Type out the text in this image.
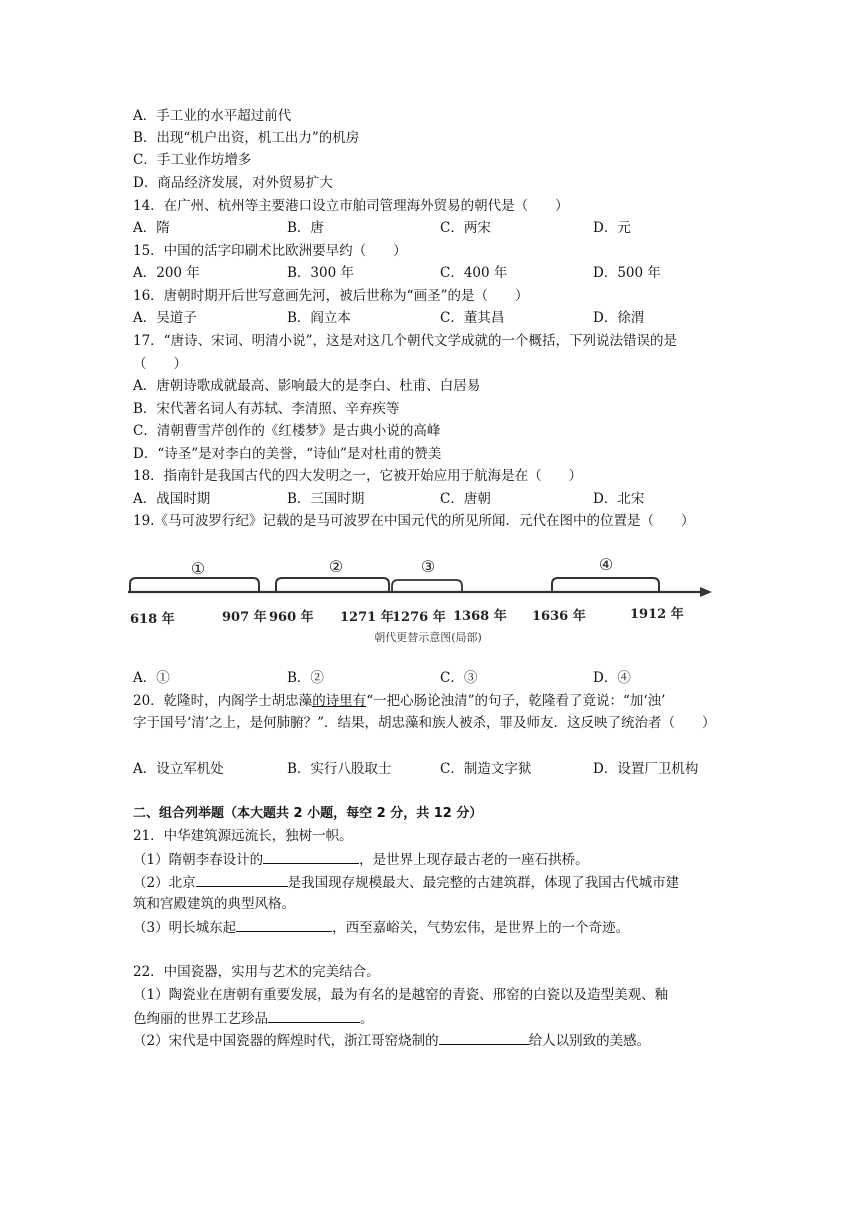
A．手工业的水平超过前代
B．出现“机户出资，机工出力”的机房
C．手工业作坊增多
D．商品经济发展，对外贸易扩大
14．在广州、杭州等主要港口设立市舶司管理海外贸易的朝代是（　　）
A．隋	B．唐	C．两宋	D．元
15．中国的活字印刷术比欧洲要早约（　　）
A．200 年	B．300 年	C．400 年	D．500 年
16．唐朝时期开后世写意画先河，被后世称为“画圣”的是（　　）
A．吴道子	B．阎立本	C．董其昌	D．徐渭
17．“唐诗、宋词、明清小说”，这是对这几个朝代文学成就的一个概括，下列说法错误的是
（　　）
A．唐朝诗歌成就最高、影响最大的是李白、杜甫、白居易
B．宋代著名词人有苏轼、李清照、辛弃疾等
C．清朝曹雪芹创作的《红楼梦》是古典小说的高峰
D．“诗圣”是对李白的美誉，“诗仙”是对杜甫的赞美
18．指南针是我国古代的四大发明之一，它被开始应用于航海是在（　　）
A．战国时期	B．三国时期	C．唐朝	D．北宋
19.《马可波罗行纪》记载的是马可波罗在中国元代的所见所闻．元代在图中的位置是（　　）
①	②	③	④
618 年	907 年 960 年 1271 年
1276 年 1368 年 1636 年	1912 年
朝代更替示意图(局部)
A．①	B．②	C．③	D．④
20．乾隆时，内阁学士胡忠藻的诗里有“一把心肠论浊清”的句子，乾隆看了竟说：“加‘浊’
字于国号‘清’之上，是何肺腑？”．结果，胡忠藻和族人被杀，罪及师友．这反映了统治者（　　）
A．设立军机处	B．实行八股取士	C．制造文字狱	D．设置厂卫机构
二、组合列举题（本大题共 2 小题，每空 2 分，共 12 分）
21．中华建筑源远流长，独树一帜。
（1）隋朝李春设计的	，是世界上现存最古老的一座石拱桥。
（2）北京	是我国现存规模最大、最完整的古建筑群，体现了我国古代城市建
筑和宫殿建筑的典型风格。
（3）明长城东起	，西至嘉峪关，气势宏伟，是世界上的一个奇迹。
22．中国瓷器，实用与艺术的完美结合。
（1）陶瓷业在唐朝有重要发展，最为有名的是越窑的青瓷、邢窑的白瓷以及造型美观、釉
色绚丽的世界工艺珍品	。
（2）宋代是中国瓷器的辉煌时代，浙江哥窑烧制的	给人以别致的美感。
